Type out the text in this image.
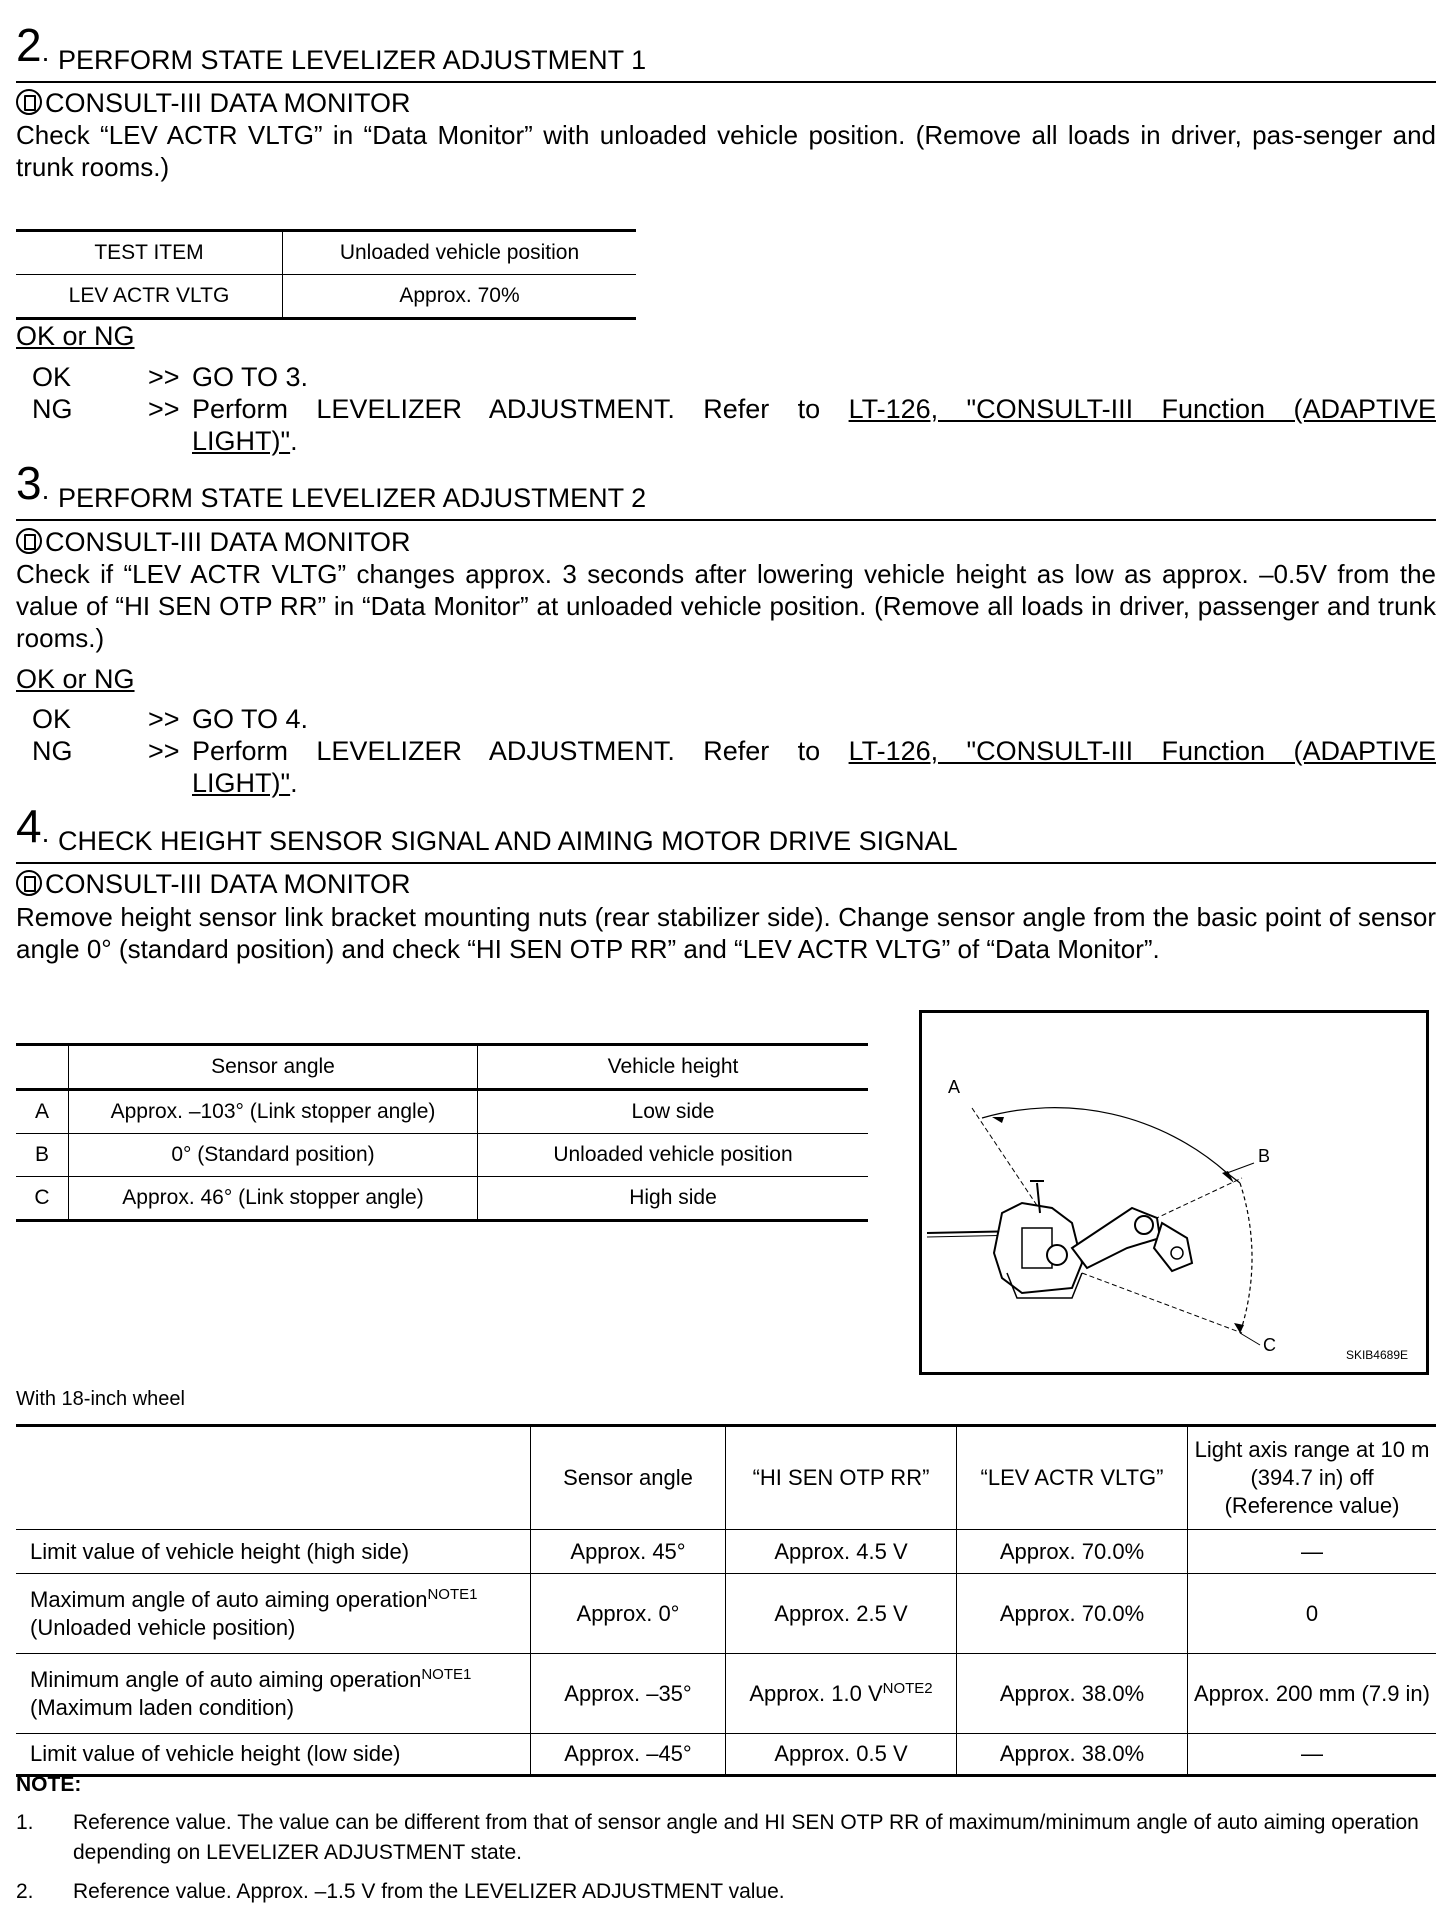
2. PERFORM STATE LEVELIZER ADJUSTMENT 1
CONSULT-III DATA MONITOR
Check “LEV ACTR VLTG” in “Data Monitor” with unloaded vehicle position. (Remove all loads in driver, pas-senger and trunk rooms.)
TEST ITEM	Unloaded vehicle position
LEV ACTR VLTG	Approx. 70%
OK or NG
OK	>> GO TO 3.
NG	>> Perform LEVELIZER ADJUSTMENT. Refer to LT-126, "CONSULT-III Function (ADAPTIVE
LIGHT)".
3. PERFORM STATE LEVELIZER ADJUSTMENT 2
CONSULT-III DATA MONITOR
Check if “LEV ACTR VLTG” changes approx. 3 seconds after lowering vehicle height as low as approx. –0.5V from the value of “HI SEN OTP RR” in “Data Monitor” at unloaded vehicle position. (Remove all loads in driver, passenger and trunk rooms.)
OK or NG
OK	>> GO TO 4.
NG	>> Perform LEVELIZER ADJUSTMENT. Refer to LT-126, "CONSULT-III Function (ADAPTIVE
LIGHT)".
4. CHECK HEIGHT SENSOR SIGNAL AND AIMING MOTOR DRIVE SIGNAL
CONSULT-III DATA MONITOR
Remove height sensor link bracket mounting nuts (rear stabilizer side). Change sensor angle from the basic point of sensor angle 0° (standard position) and check “HI SEN OTP RR” and “LEV ACTR VLTG” of “Data Monitor”.
	Sensor angle	Vehicle height
A	Approx. –103° (Link stopper angle)	Low side
B	0° (Standard position)	Unloaded vehicle position
C	Approx. 46° (Link stopper angle)	High side
A
B
C	SKIB4689E
With 18-inch wheel
	Sensor angle	“HI SEN OTP RR”	“LEV ACTR VLTG”	Light axis range at 10 m (394.7 in) off (Reference value)
Limit value of vehicle height (high side)	Approx. 45°	Approx. 4.5 V	Approx. 70.0%	—
Maximum angle of auto aiming operation$^{NOTE1}$
(Unloaded vehicle position)	Approx. 0°	Approx. 2.5 V	Approx. 70.0%	0
Minimum angle of auto aiming operation$^{NOTE1}$
(Maximum laden condition)	Approx. –35°	Approx. 1.0 $V^{NOTE2}$	Approx. 38.0%	Approx. 200 mm (7.9 in)
Limit value of vehicle height (low side)	Approx. –45°	Approx. 0.5 V	Approx. 38.0%	—
NOTE:
1. Reference value. The value can be different from that of sensor angle and HI SEN OTP RR of maximum/minimum angle of auto aiming operation depending on LEVELIZER ADJUSTMENT state.
2. Reference value. Approx. –1.5 V from the LEVELIZER ADJUSTMENT value.
